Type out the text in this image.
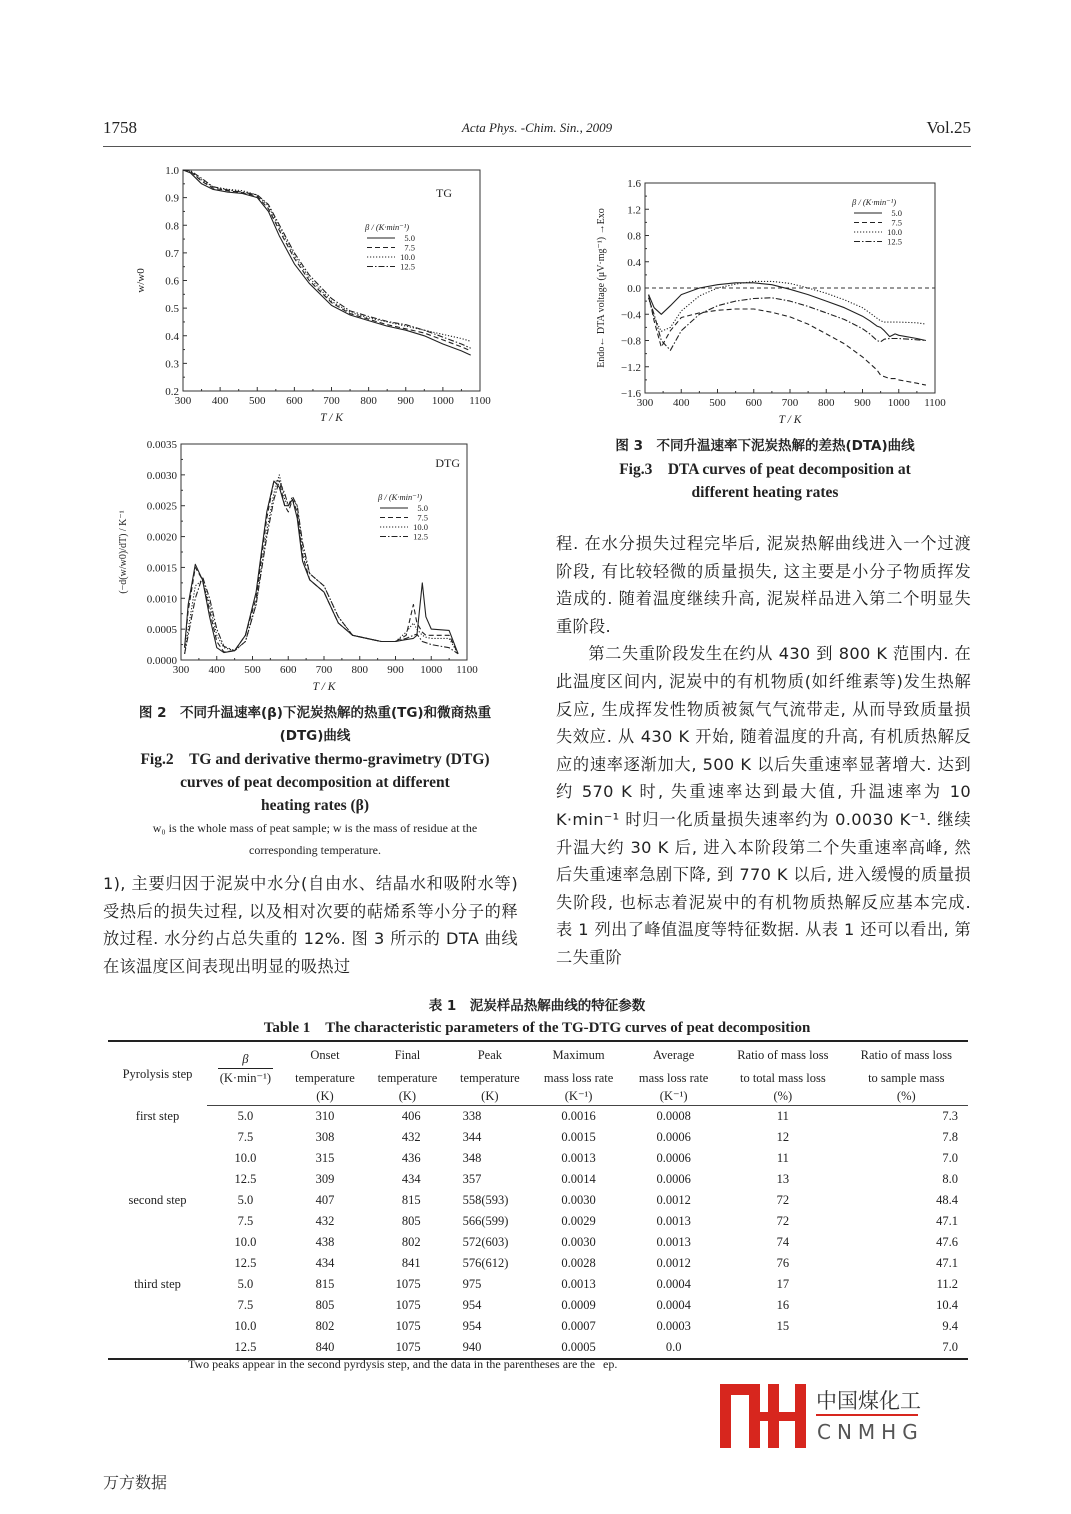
1758	Acta Phys. -Chim. Sin., 2009	Vol.25
300 400 500 600 700 800 900 1000 1100
0.2
0.3
0.4
0.5
0.6
0.7
0.8
0.9
1.0
T / K
w/w0
TG
β / (K·min⁻¹)
5.0
7.5
10.0
12.5
300 400 500 600 700 800 900 1000 1100
0.0000
0.0005
0.0010
0.0015
0.0020
0.0025
0.0030
0.0035
T / K
(−d(w/w0)/dT) / K⁻¹
DTG
β / (K·min⁻¹)
5.0
7.5
10.0
12.5
300 400 500 600 700 800 900 1000 1100
−1.6
−1.2
−0.8
−0.4
0.0
0.4
0.8
1.2
1.6
T / K
Endo← DTA voltage (μV·mg⁻¹) →Exo
β / (K·min⁻¹)
5.0
7.5
10.0
12.5
图 3　不同升温速率下泥炭热解的差热(DTA)曲线
Fig.3　DTA curves of peat decomposition at
different heating rates
图 2　不同升温速率(β)下泥炭热解的热重(TG)和微商热重
(DTG)曲线
Fig.2　TG and derivative thermo-gravimetry (DTG)
curves of peat decomposition at different
heating rates (β)
w₀ is the whole mass of peat sample; w is the mass of residue at the
corresponding temperature.

1), 主要归因于泥炭中水分(自由水、结晶水和吸附水等)受热后的损失过程, 以及相对次要的萜烯系等小分子的释放过程. 水分约占总失重的 12%. 图 3 所示的 DTA 曲线在该温度区间表现出明显的吸热过

程. 在水分损失过程完毕后, 泥炭热解曲线进入一个过渡阶段, 有比较轻微的质量损失, 这主要是小分子物质挥发造成的. 随着温度继续升高, 泥炭样品进入第二个明显失重阶段.

第二失重阶段发生在约从 430 到 800 K 范围内. 在此温度区间内, 泥炭中的有机物质(如纤维素等)发生热解反应, 生成挥发性物质被氮气气流带走, 从而导致质量损失效应. 从 430 K 开始, 随着温度的升高, 有机质热解反应的速率逐渐加大, 500 K 以后失重速率显著增大. 达到约 570 K 时, 失重速率达到最大值, 升温速率为 10 K·min⁻¹ 时归一化质量损失速率约为 0.0030 K⁻¹. 继续升温大约 30 K 后, 进入本阶段第二个失重速率高峰, 然后失重速率急剧下降, 到 770 K 以后, 进入缓慢的质量损失阶段, 也标志着泥炭中的有机物质热解反应基本完成. 表 1 列出了峰值温度等特征数据. 从表 1 还可以看出, 第二失重阶

表 1　泥炭样品热解曲线的特征参数
Table 1　The characteristic parameters of the TG-DTG curves of peat decomposition
Pyrolysis step	β	Onset	Final	Peak	Maximum	Average	Ratio of mass loss	Ratio of mass loss
	(K·min⁻¹)	temperature	temperature	temperature	mass loss rate	mass loss rate	to total mass loss	to sample mass
		(K)	(K)	(K)	(K⁻¹)	(K⁻¹)	(%)	(%)
first step	5.0	310	406	338	0.0016	0.0008	11	7.3
	7.5	308	432	344	0.0015	0.0006	12	7.8
	10.0	315	436	348	0.0013	0.0006	11	7.0
	12.5	309	434	357	0.0014	0.0006	13	8.0
second step	5.0	407	815	558(593)	0.0030	0.0012	72	48.4
	7.5	432	805	566(599)	0.0029	0.0013	72	47.1
	10.0	438	802	572(603)	0.0030	0.0013	74	47.6
	12.5	434	841	576(612)	0.0028	0.0012	76	47.1
third step	5.0	815	1075	975	0.0013	0.0004	17	11.2
	7.5	805	1075	954	0.0009	0.0004	16	10.4
	10.0	802	1075	954	0.0007	0.0003	15	9.4
	12.5	840	1075	940	0.0005	0.0		7.0
Two peaks appear in the second pyrdysis step, and the data in the parentheses are the ep.
中国煤化工
CNMHG
万方数据
